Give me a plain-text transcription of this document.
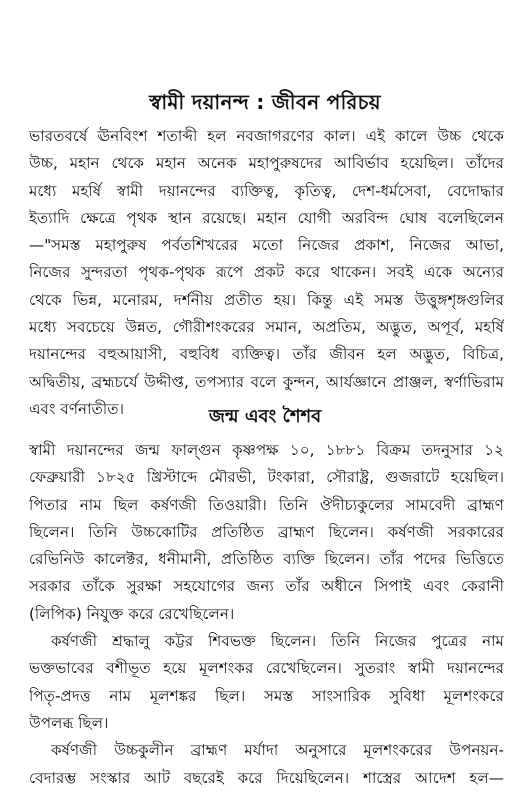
স্বামী দয়ানন্দ : জীবন পরিচয়
ভারতবর্ষে ঊনবিংশ শতাব্দী হল নবজাগরণের কাল। এই কালে উচ্চ থেকে
উচ্চ, মহান থেকে মহান অনেক মহাপুরুষদের আবির্ভাব হয়েছিল। তাঁদের
মধ্যে মহর্ষি স্বামী দয়ানন্দের ব্যক্তিত্ব, কৃতিত্ব, দেশ-ধর্মসেবা, বেদোদ্ধার
ইত্যাদি ক্ষেত্রে পৃথক স্থান রয়েছে। মহান যোগী অরবিন্দ ঘোষ বলেছিলেন
—"সমস্ত মহাপুরুষ পর্বতশিখরের মতো নিজের প্রকাশ, নিজের আভা,
নিজের সুন্দরতা পৃথক-পৃথক রূপে প্রকট করে থাকেন। সবই একে অন্যের
থেকে ভিন্ন, মনোরম, দর্শনীয় প্রতীত হয়। কিন্তু এই সমস্ত উত্তুঙ্গশৃঙ্গগুলির
মধ্যে সবচেয়ে উন্নত, গৌরীশংকরের সমান, অপ্রতিম, অদ্ভুত, অপূর্ব, মহর্ষি
দয়ানন্দের বহুআয়াসী, বহুবিধ ব্যক্তিত্ব। তাঁর জীবন হল অদ্ভুত, বিচিত্র,
অদ্বিতীয়, ব্রহ্মচর্যে উদ্দীপ্ত, তপস্যার বলে কুন্দন, আর্যজ্ঞানে প্রাঞ্জল, স্বর্ণাভিরাম
এবং বর্ণনাতীত।	জন্ম এবং শৈশব
স্বামী দয়ানন্দের জন্ম ফাল্গুন কৃষ্ণপক্ষ ১০, ১৮৮১ বিক্রম তদনুসার ১২
ফেব্রুয়ারী ১৮২৫ খ্রিস্টাব্দে মৌরভী, টংকারা, সৌরাষ্ট্র, গুজরাটে হয়েছিল।
পিতার নাম ছিল কর্ষণজী তিওয়ারী। তিনি ঔদীচ্যকুলের সামবেদী ব্রাহ্মণ
ছিলেন। তিনি উচ্চকোটির প্রতিষ্ঠিত ব্রাহ্মণ ছিলেন। কর্ষণজী সরকারের
রেভিনিউ কালেক্টর, ধনীমানী, প্রতিষ্ঠিত ব্যক্তি ছিলেন। তাঁর পদের ভিত্তিতে
সরকার তাঁকে সুরক্ষা সহযোগের জন্য তাঁর অধীনে সিপাই এবং কেরানী
(লিপিক) নিযুক্ত করে রেখেছিলেন।
কর্ষণজী শ্রদ্ধালু কট্টর শিবভক্ত ছিলেন। তিনি নিজের পুত্রের নাম
ভক্তভাবের বশীভূত হয়ে মূলশংকর রেখেছিলেন। সুতরাং স্বামী দয়ানন্দের
পিতৃ-প্রদত্ত নাম মূলশঙ্কর ছিল। সমস্ত সাংসারিক সুবিধা মূলশংকরে
উপলব্ধ ছিল।
কর্ষণজী উচ্চকুলীন ব্রাহ্মণ মর্যাদা অনুসারে মূলশংকরের উপনয়ন-
বেদারম্ভ সংস্কার আট বছরেই করে দিয়েছিলেন। শাস্ত্রের আদেশ হল—
